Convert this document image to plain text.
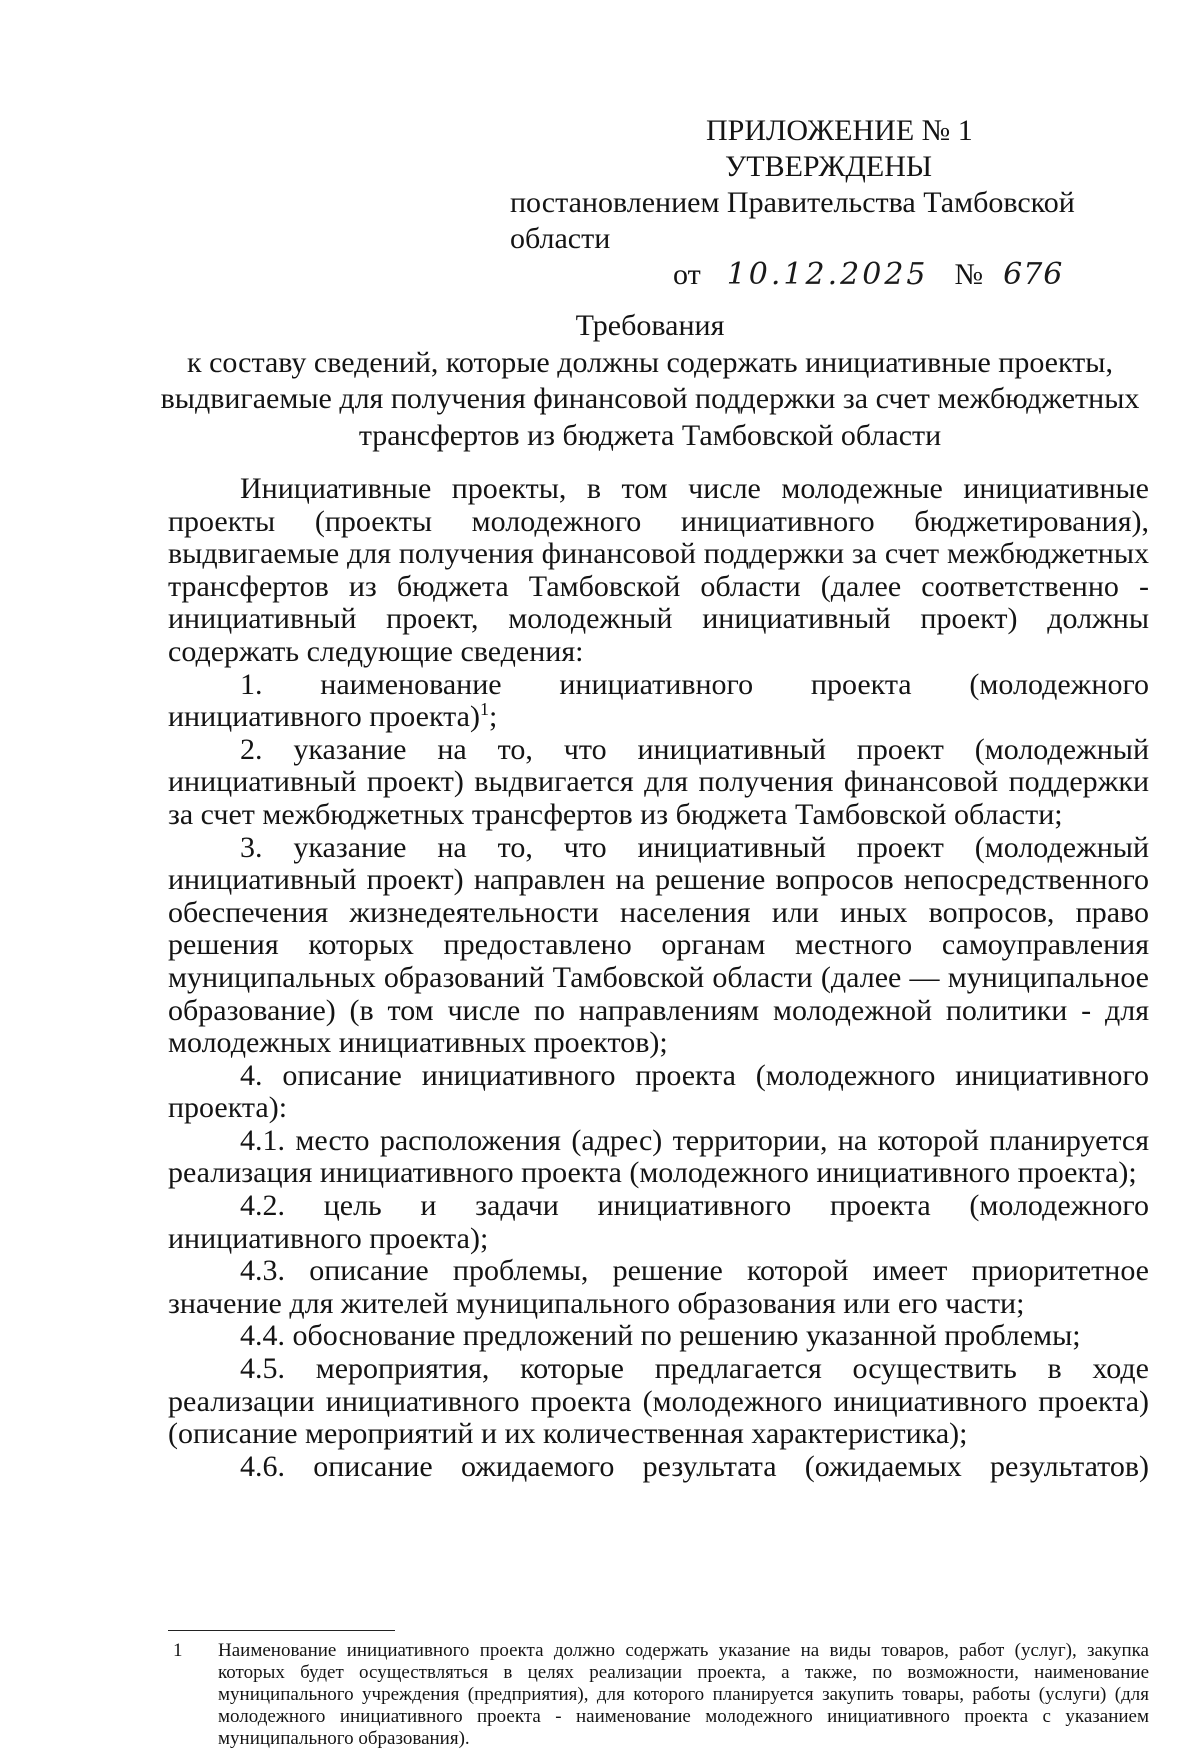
ПРИЛОЖЕНИЕ № 1
УТВЕРЖДЕНЫ
постановлением Правительства Тамбовской области
от 10.12.2025 № 676
Требования
к составу сведений, которые должны содержать инициативные проекты, выдвигаемые для получения финансовой поддержки за счет межбюджетных трансфертов из бюджета Тамбовской области

Инициативные проекты, в том числе молодежные инициативные проекты (проекты молодежного инициативного бюджетирования), выдвигаемые для получения финансовой поддержки за счет межбюджетных трансфертов из бюджета Тамбовской области (далее соответственно - инициативный проект, молодежный инициативный проект) должны содержать следующие сведения:

1. наименование инициативного проекта (молодежного инициативного проекта)$^1$;

2. указание на то, что инициативный проект (молодежный инициативный проект) выдвигается для получения финансовой поддержки за счет межбюджетных трансфертов из бюджета Тамбовской области;

3. указание на то, что инициативный проект (молодежный инициативный проект) направлен на решение вопросов непосредственного обеспечения жизнедеятельности населения или иных вопросов, право решения которых предоставлено органам местного самоуправления муниципальных образований Тамбовской области (далее — муниципальное образование) (в том числе по направлениям молодежной политики - для молодежных инициативных проектов);

4. описание инициативного проекта (молодежного инициативного проекта):

4.1. место расположения (адрес) территории, на которой планируется реализация инициативного проекта (молодежного инициативного проекта);

4.2. цель и задачи инициативного проекта (молодежного инициативного проекта);

4.3. описание проблемы, решение которой имеет приоритетное значение для жителей муниципального образования или его части;

4.4. обоснование предложений по решению указанной проблемы;

4.5. мероприятия, которые предлагается осуществить в ходе реализации инициативного проекта (молодежного инициативного проекта) (описание мероприятий и их количественная характеристика);

4.6. описание ожидаемого результата (ожидаемых результатов)

1 Наименование инициативного проекта должно содержать указание на виды товаров, работ (услуг), закупка которых будет осуществляться в целях реализации проекта, а также, по возможности, наименование муниципального учреждения (предприятия), для которого планируется закупить товары, работы (услуги) (для молодежного инициативного проекта - наименование молодежного инициативного проекта с указанием муниципального образования).
